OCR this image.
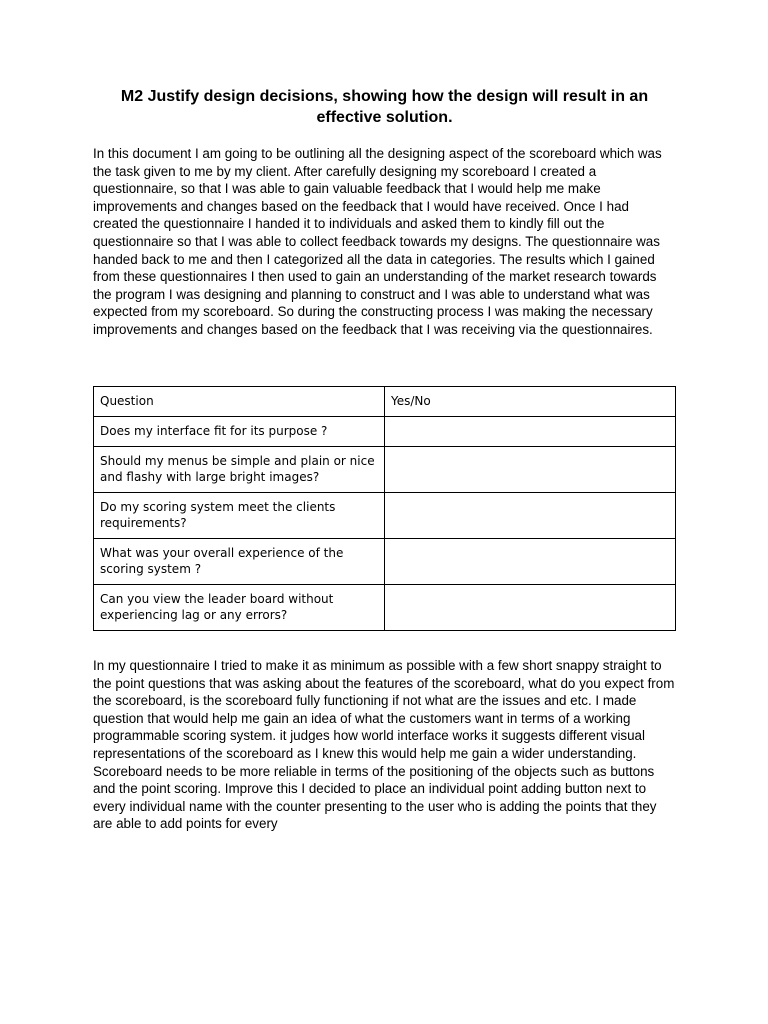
M2 Justify design decisions, showing how the design will result in an effective solution.

In this document I am going to be outlining all the designing aspect of the scoreboard which was the task given to me by my client. After carefully designing my scoreboard I created a questionnaire, so that I was able to gain valuable feedback that I would help me make improvements and changes based on the feedback that I would have received. Once I had created the questionnaire I handed it to individuals and asked them to kindly fill out the questionnaire so that I was able to collect feedback towards my designs. The questionnaire was handed back to me and then I categorized all the data in categories. The results which I gained from these questionnaires I then used to gain an understanding of the market research towards the program I was designing and planning to construct and I was able to understand what was expected from my scoreboard. So during the constructing process I was making the necessary improvements and changes based on the feedback that I was receiving via the questionnaires.

Question	Yes/No
Does my interface fit for its purpose ?	
Should my menus be simple and plain or nice and flashy with large bright images?	
Do my scoring system meet the clients requirements?	
What was your overall experience of the scoring system ?	
Can you view the leader board without experiencing lag or any errors?	

In my questionnaire I tried to make it as minimum as possible with a few short snappy straight to the point questions that was asking about the features of the scoreboard, what do you expect from the scoreboard, is the scoreboard fully functioning if not what are the issues and etc. I made question that would help me gain an idea of what the customers want in terms of a working programmable scoring system. it judges how world interface works it suggests different visual representations of the scoreboard as I knew this would help me gain a wider understanding. Scoreboard needs to be more reliable in terms of the positioning of the objects such as buttons and the point scoring. Improve this I decided to place an individual point adding button next to every individual name with the counter presenting to the user who is adding the points that they are able to add points for every
